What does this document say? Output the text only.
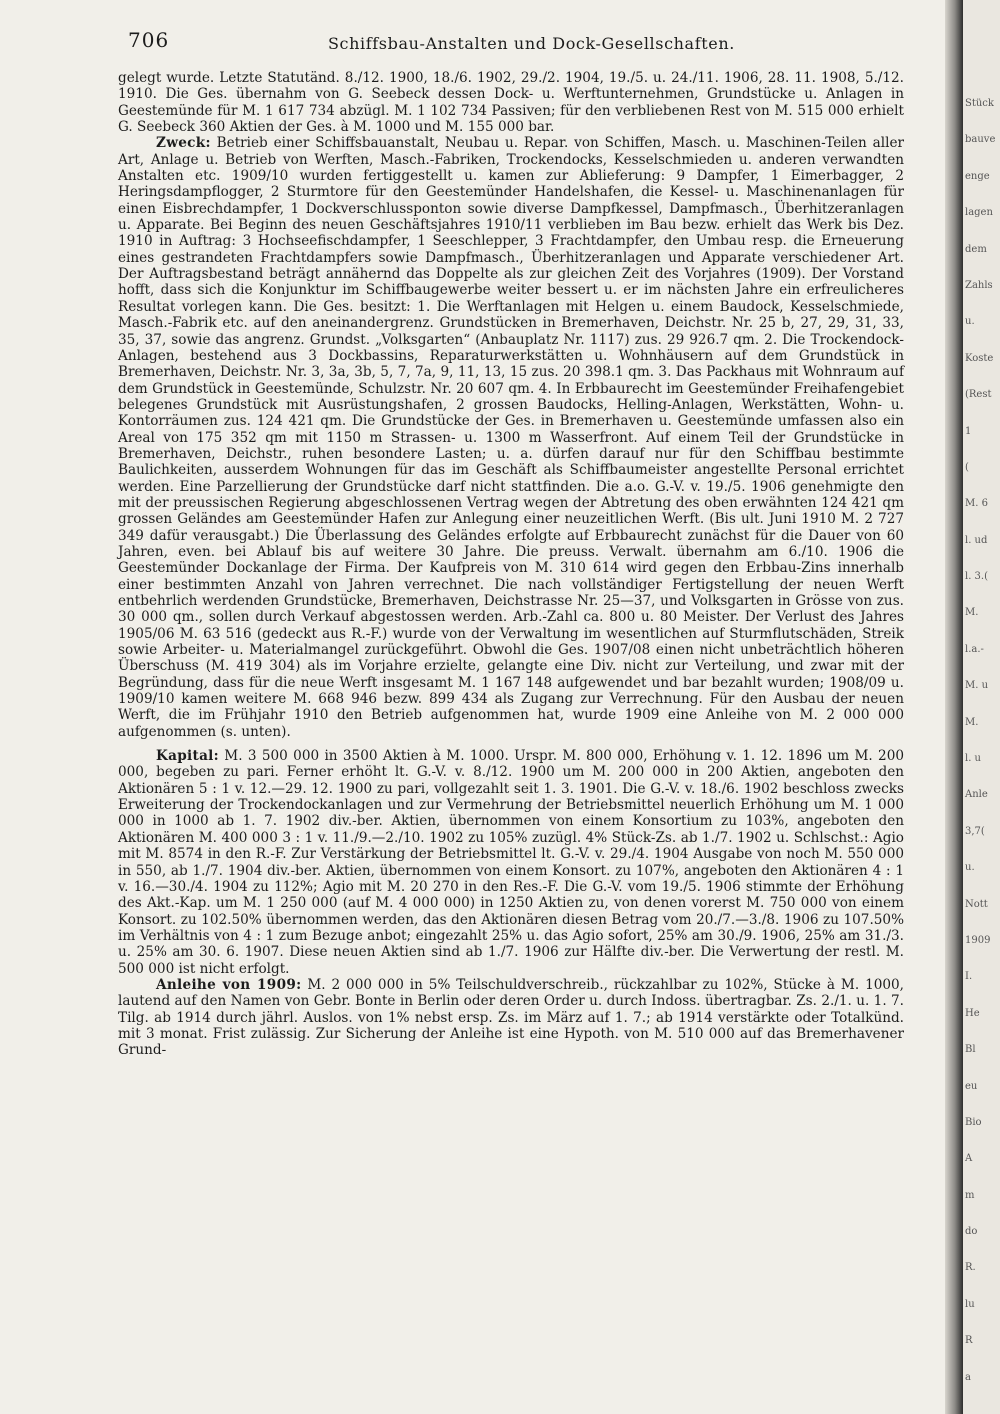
706	Schiffsbau-Anstalten und Dock-Gesellschaften.

gelegt wurde. Letzte Statutänd. 8./12. 1900, 18./6. 1902, 29./2. 1904, 19./5. u. 24./11. 1906, 28. 11. 1908, 5./12. 1910. Die Ges. übernahm von G. Seebeck dessen Dock- u. Werftunternehmen, Grundstücke u. Anlagen in Geestemünde für M. 1 617 734 abzügl. M. 1 102 734 Passiven; für den verbliebenen Rest von M. 515 000 erhielt G. Seebeck 360 Aktien der Ges. à M. 1000 und M. 155 000 bar.

Zweck: Betrieb einer Schiffsbauanstalt, Neubau u. Repar. von Schiffen, Masch. u. Maschinen-Teilen aller Art, Anlage u. Betrieb von Werften, Masch.-Fabriken, Trockendocks, Kesselschmieden u. anderen verwandten Anstalten etc. 1909/10 wurden fertiggestellt u. kamen zur Ablieferung: 9 Dampfer, 1 Eimerbagger, 2 Heringsdampflogger, 2 Sturmtore für den Geestemünder Handelshafen, die Kessel- u. Maschinenanlagen für einen Eisbrechdampfer, 1 Dockverschlussponton sowie diverse Dampfkessel, Dampfmasch., Überhitzeranlagen u. Apparate. Bei Beginn des neuen Geschäftsjahres 1910/11 verblieben im Bau bezw. erhielt das Werk bis Dez. 1910 in Auftrag: 3 Hochseefischdampfer, 1 Seeschlepper, 3 Frachtdampfer, den Umbau resp. die Erneuerung eines gestrandeten Frachtdampfers sowie Dampfmasch., Überhitzeranlagen und Apparate verschiedener Art. Der Auftragsbestand beträgt annähernd das Doppelte als zur gleichen Zeit des Vorjahres (1909). Der Vorstand hofft, dass sich die Konjunktur im Schiffbaugewerbe weiter bessert u. er im nächsten Jahre ein erfreulicheres Resultat vorlegen kann. Die Ges. besitzt: 1. Die Werftanlagen mit Helgen u. einem Baudock, Kesselschmiede, Masch.-Fabrik etc. auf den aneinandergrenz. Grundstücken in Bremerhaven, Deichstr. Nr. 25 b, 27, 29, 31, 33, 35, 37, sowie das angrenz. Grundst. „Volksgarten“ (Anbauplatz Nr. 1117) zus. 29 926.7 qm. 2. Die Trockendock-Anlagen, bestehend aus 3 Dockbassins, Reparaturwerkstätten u. Wohnhäusern auf dem Grundstück in Bremerhaven, Deichstr. Nr. 3, 3a, 3b, 5, 7, 7a, 9, 11, 13, 15 zus. 20 398.1 qm. 3. Das Packhaus mit Wohnraum auf dem Grundstück in Geestemünde, Schulzstr. Nr. 20 607 qm. 4. In Erbbaurecht im Geestemünder Freihafengebiet belegenes Grundstück mit Ausrüstungshafen, 2 grossen Baudocks, Helling-Anlagen, Werkstätten, Wohn- u. Kontorräumen zus. 124 421 qm. Die Grundstücke der Ges. in Bremerhaven u. Geestemünde umfassen also ein Areal von 175 352 qm mit 1150 m Strassen- u. 1300 m Wasserfront. Auf einem Teil der Grundstücke in Bremerhaven, Deichstr., ruhen besondere Lasten; u. a. dürfen darauf nur für den Schiffbau bestimmte Baulichkeiten, ausserdem Wohnungen für das im Geschäft als Schiffbaumeister angestellte Personal errichtet werden. Eine Parzellierung der Grundstücke darf nicht stattfinden. Die a.o. G.-V. v. 19./5. 1906 genehmigte den mit der preussischen Regierung abgeschlossenen Vertrag wegen der Abtretung des oben erwähnten 124 421 qm grossen Geländes am Geestemünder Hafen zur Anlegung einer neuzeitlichen Werft. (Bis ult. Juni 1910 M. 2 727 349 dafür verausgabt.) Die Überlassung des Geländes erfolgte auf Erbbaurecht zunächst für die Dauer von 60 Jahren, even. bei Ablauf bis auf weitere 30 Jahre. Die preuss. Verwalt. übernahm am 6./10. 1906 die Geestemünder Dockanlage der Firma. Der Kaufpreis von M. 310 614 wird gegen den Erbbau-Zins innerhalb einer bestimmten Anzahl von Jahren verrechnet. Die nach vollständiger Fertigstellung der neuen Werft entbehrlich werdenden Grundstücke, Bremerhaven, Deichstrasse Nr. 25—37, und Volksgarten in Grösse von zus. 30 000 qm., sollen durch Verkauf abgestossen werden. Arb.-Zahl ca. 800 u. 80 Meister. Der Verlust des Jahres 1905/06 M. 63 516 (gedeckt aus R.-F.) wurde von der Verwaltung im wesentlichen auf Sturmflutschäden, Streik sowie Arbeiter- u. Materialmangel zurückgeführt. Obwohl die Ges. 1907/08 einen nicht unbeträchtlich höheren Überschuss (M. 419 304) als im Vorjahre erzielte, gelangte eine Div. nicht zur Verteilung, und zwar mit der Begründung, dass für die neue Werft insgesamt M. 1 167 148 aufgewendet und bar bezahlt wurden; 1908/09 u. 1909/10 kamen weitere M. 668 946 bezw. 899 434 als Zugang zur Verrechnung. Für den Ausbau der neuen Werft, die im Frühjahr 1910 den Betrieb aufgenommen hat, wurde 1909 eine Anleihe von M. 2 000 000 aufgenommen (s. unten).

Kapital: M. 3 500 000 in 3500 Aktien à M. 1000. Urspr. M. 800 000, Erhöhung v. 1. 12. 1896 um M. 200 000, begeben zu pari. Ferner erhöht lt. G.-V. v. 8./12. 1900 um M. 200 000 in 200 Aktien, angeboten den Aktionären 5 : 1 v. 12.—29. 12. 1900 zu pari, vollgezahlt seit 1. 3. 1901. Die G.-V. v. 18./6. 1902 beschloss zwecks Erweiterung der Trockendockanlagen und zur Vermehrung der Betriebsmittel neuerlich Erhöhung um M. 1 000 000 in 1000 ab 1. 7. 1902 div.-ber. Aktien, übernommen von einem Konsortium zu 103%, angeboten den Aktionären M. 400 000 3 : 1 v. 11./9.—2./10. 1902 zu 105% zuzügl. 4% Stück-Zs. ab 1./7. 1902 u. Schlschst.: Agio mit M. 8574 in den R.-F. Zur Verstärkung der Betriebsmittel lt. G.-V. v. 29./4. 1904 Ausgabe von noch M. 550 000 in 550, ab 1./7. 1904 div.-ber. Aktien, übernommen von einem Konsort. zu 107%, angeboten den Aktionären 4 : 1 v. 16.—30./4. 1904 zu 112%; Agio mit M. 20 270 in den Res.-F. Die G.-V. vom 19./5. 1906 stimmte der Erhöhung des Akt.-Kap. um M. 1 250 000 (auf M. 4 000 000) in 1250 Aktien zu, von denen vorerst M. 750 000 von einem Konsort. zu 102.50% übernommen werden, das den Aktionären diesen Betrag vom 20./7.—3./8. 1906 zu 107.50% im Verhältnis von 4 : 1 zum Bezuge anbot; eingezahlt 25% u. das Agio sofort, 25% am 30./9. 1906, 25% am 31./3. u. 25% am 30. 6. 1907. Diese neuen Aktien sind ab 1./7. 1906 zur Hälfte div.-ber. Die Verwertung der restl. M. 500 000 ist nicht erfolgt.

Anleihe von 1909: M. 2 000 000 in 5% Teilschuldverschreib., rückzahlbar zu 102%, Stücke à M. 1000, lautend auf den Namen von Gebr. Bonte in Berlin oder deren Order u. durch Indoss. übertragbar. Zs. 2./1. u. 1. 7. Tilg. ab 1914 durch jährl. Auslos. von 1% nebst ersp. Zs. im März auf 1. 7.; ab 1914 verstärkte oder Totalkünd. mit 3 monat. Frist zulässig. Zur Sicherung der Anleihe ist eine Hypoth. von M. 510 000 auf das Bremerhavener Grund-

Stück
bauve
enge
lagen
dem
Zahls
u.
Koste
(Rest
1
(
M. 6
l. ud
l. 3.(
M.
l.a.-
M. u
M.
l. u
Anle
3,7(
u.
Nott
1909
I.
He
Bl
eu
Bio
A
m
do
R.
lu
R
a
